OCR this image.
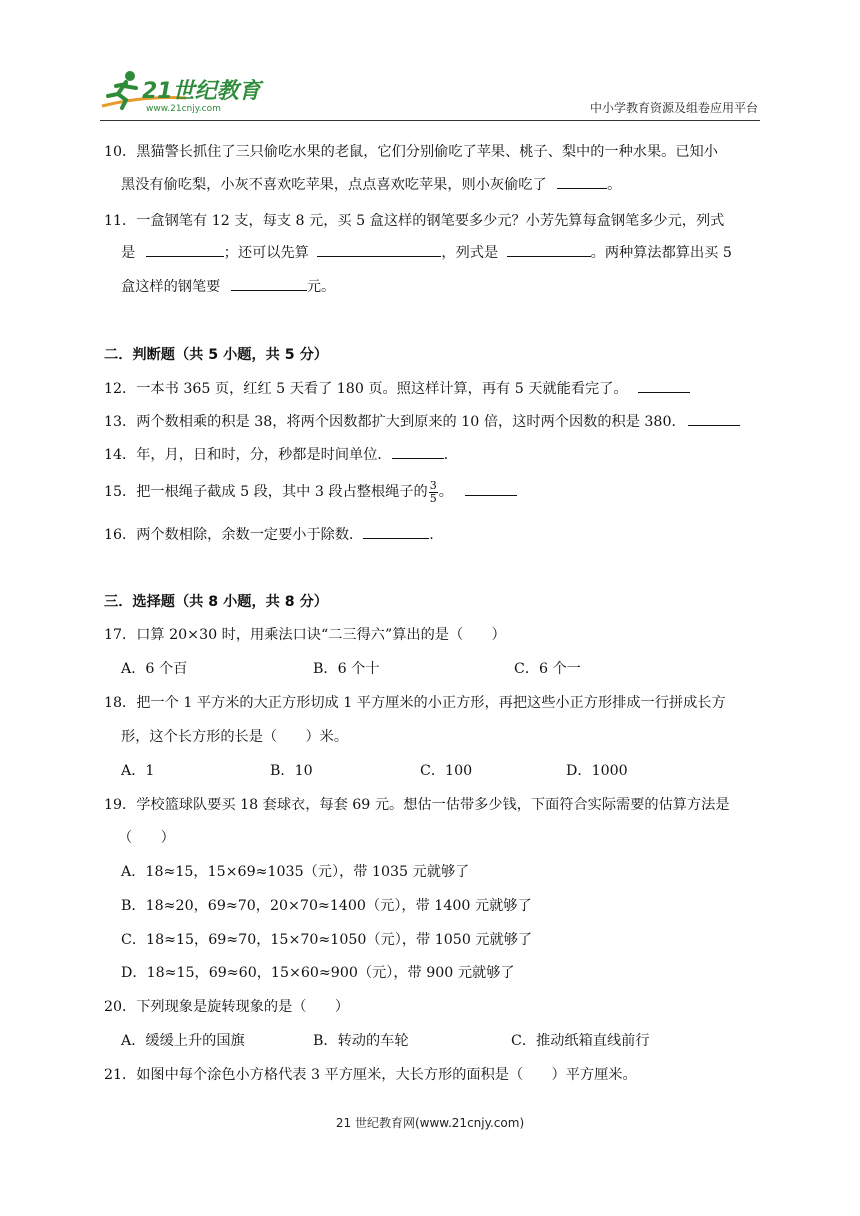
21世纪教育
www.21cnjy.com	中小学教育资源及组卷应用平台
10．黑猫警长抓住了三只偷吃水果的老鼠，它们分别偷吃了苹果、桃子、梨中的一种水果。已知小
黑没有偷吃梨，小灰不喜欢吃苹果，点点喜欢吃苹果，则小灰偷吃了	。
11．一盒钢笔有 12 支，每支 8 元，买 5 盒这样的钢笔要多少元？小芳先算每盒钢笔多少元，列式
是	；还可以先算	，列式是	。两种算法都算出买 5
盒这样的钢笔要	元。
二．判断题（共 5 小题，共 5 分）
12．一本书 365 页，红红 5 天看了 180 页。照这样计算，再有 5 天就能看完了。
13．两个数相乘的积是 38，将两个因数都扩大到原来的 10 倍，这时两个因数的积是 380．
14．年，月，日和时，分，秒都是时间单位．	.
15．把一根绳子截成 5 段，其中 3 段占整根绳子的 $\frac{3}{5}$ 。
16．两个数相除，余数一定要小于除数．	.
三．选择题（共 8 小题，共 8 分）
17．口算 20×30 时，用乘法口诀“二三得六”算出的是（　　）
A．6 个百	B．6 个十	C．6 个一
18．把一个 1 平方米的大正方形切成 1 平方厘米的小正方形，再把这些小正方形排成一行拼成长方
形，这个长方形的长是（　　）米。
A．1	B．10	C．100	D．1000
19．学校篮球队要买 18 套球衣，每套 69 元。想估一估带多少钱，下面符合实际需要的估算方法是
（　　）
A．18≈15，15×69≈1035（元），带 1035 元就够了
B．18≈20，69≈70，20×70≈1400（元），带 1400 元就够了
C．18≈15，69≈70，15×70≈1050（元），带 1050 元就够了
D．18≈15，69≈60，15×60≈900（元），带 900 元就够了
20．下列现象是旋转现象的是（　　）
A．缓缓上升的国旗	B．转动的车轮	C．推动纸箱直线前行
21．如图中每个涂色小方格代表 3 平方厘米，大长方形的面积是（　　）平方厘米。
21 世纪教育网(www.21cnjy.com)
